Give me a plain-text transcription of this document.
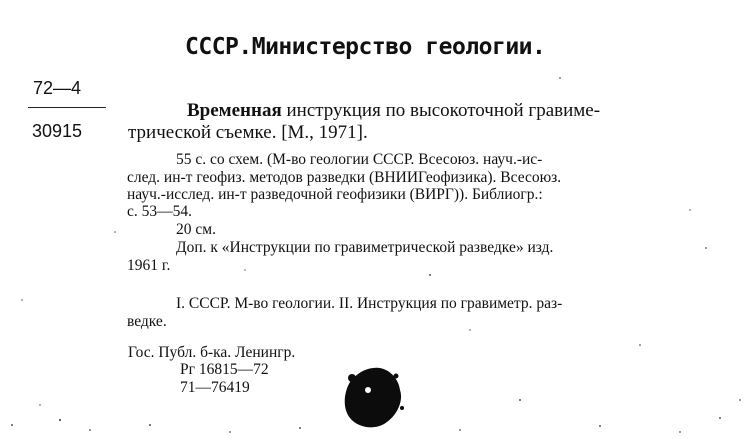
СССР.Министерство геологии.
72—4
30915
Временная инструкция по высокоточной гравиме-
трической съемке. [М., 1971].
55 с. со схем. (М-во геологии СССР. Всесоюз. науч.-ис-
след. ин-т геофиз. методов разведки (ВНИИГеофизика). Всесоюз.
науч.-исслед. ин-т разведочной геофизики (ВИРГ)). Библиогр.:
с. 53—54.
20 см.
Доп. к «Инструкции по гравиметрической разведке» изд.
1961 г.
I. СССР. М-во геологии. II. Инструкция по гравиметр. раз-
ведке.
Гос. Публ. б-ка. Ленингр.
Рг 16815—72
71—76419
